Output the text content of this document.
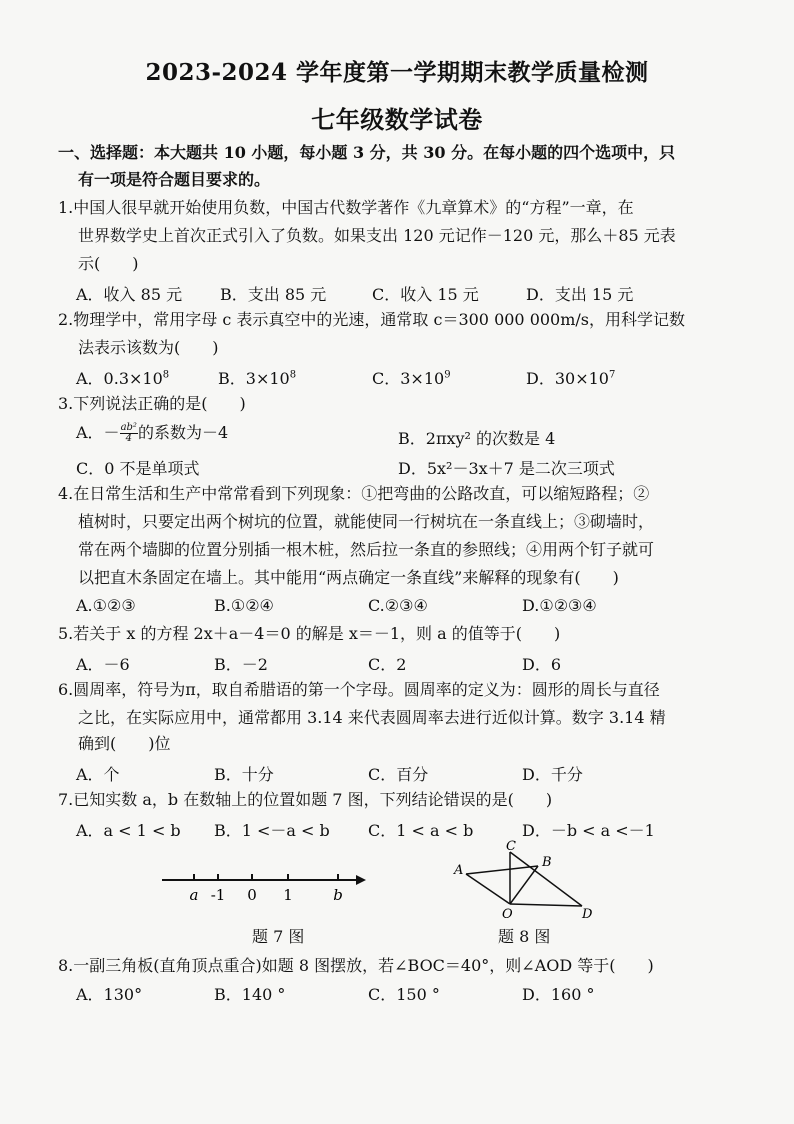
2023-2024 学年度第一学期期末教学质量检测
七年级数学试卷
一、选择题：本大题共 10 小题，每小题 3 分，共 30 分。在每小题的四个选项中，只
有一项是符合题目要求的。
1.中国人很早就开始使用负数，中国古代数学著作《九章算术》的“方程”一章，在
世界数学史上首次正式引入了负数。如果支出 120 元记作－120 元，那么＋85 元表
示(　　)
A．收入 85 元 B．支出 85 元	C．收入 15 元	D．支出 15 元
2.物理学中，常用字母 c 表示真空中的光速，通常取 c＝300 000 000m/s，用科学记数
法表示该数为(　　)
A．$0.3\times 10^8$	B．$3\times 10^8$	C．$3\times 10^9$	D．$30\times 10^7$
3.下列说法正确的是(　　)
A．－ $\frac{\text{ab²}}{4}$ 的系数为－4	B．2πxy² 的次数是 4
C．0 不是单项式	D．5x²－3x＋7 是二次三项式
4.在日常生活和生产中常常看到下列现象：①把弯曲的公路改直，可以缩短路程；②
植树时，只要定出两个树坑的位置，就能使同一行树坑在一条直线上；③砌墙时，
常在两个墙脚的位置分别插一根木桩，然后拉一条直的参照线；④用两个钉子就可
以把直木条固定在墙上。其中能用“两点确定一条直线”来解释的现象有(　　)
A.①②③	B.①②④	C.②③④	D.①②③④
5.若关于 x 的方程 2x＋a－4＝0 的解是 x＝－1，则 a 的值等于(　　)
A．－6	B．－2	C．2	D．6
6.圆周率，符号为π，取自希腊语的第一个字母。圆周率的定义为：圆形的周长与直径
之比，在实际应用中，通常都用 3.14 来代表圆周率去进行近似计算。数字 3.14 精
确到(　　)位
A．个	B．十分	C．百分	D．千分
7.已知实数 a，b 在数轴上的位置如题 7 图，下列结论错误的是(　　)
A．a < 1 < b B．1 <－a < b C．1 < a < b	D．－b < a <－1
a -1 0 1	b
题 7 图
A
B
C
O	D
题 8 图
8.一副三角板(直角顶点重合)如题 8 图摆放，若∠BOC＝40°，则∠AOD 等于(　　)
A．130°	B．140 °	C．150 °	D．160 °
